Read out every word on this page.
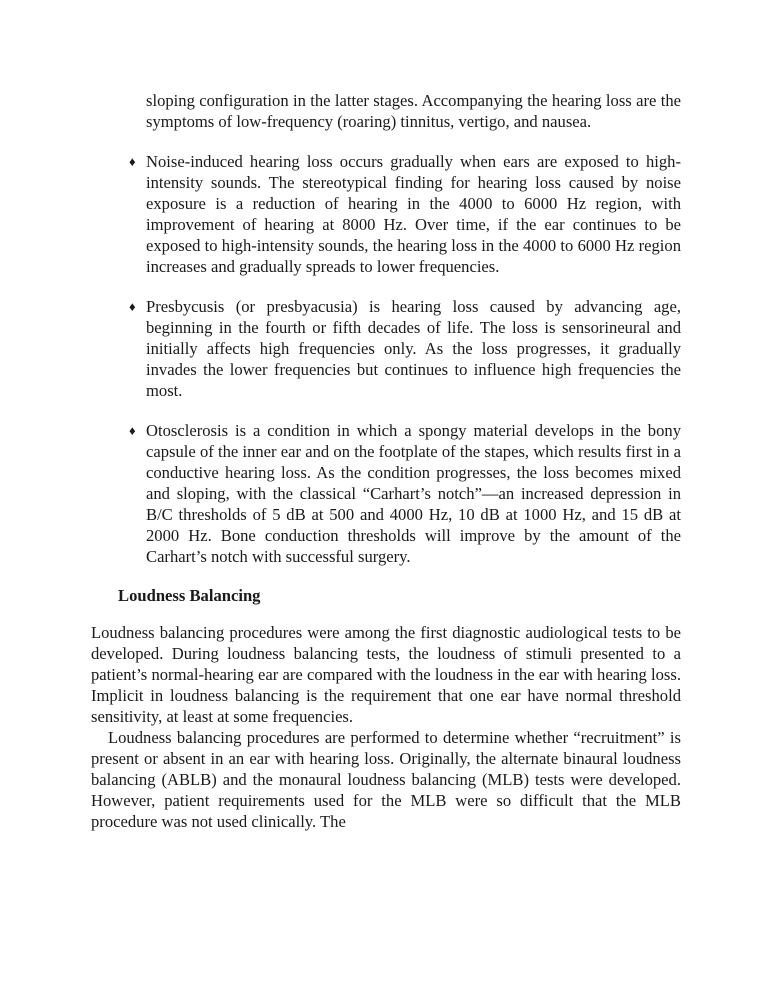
sloping configuration in the latter stages. Accompanying the hearing loss are the symptoms of low-frequency (roaring) tinnitus, vertigo, and nausea.

♦ Noise-induced hearing loss occurs gradually when ears are exposed to high-intensity sounds. The stereotypical finding for hearing loss caused by noise exposure is a reduction of hearing in the 4000 to 6000 Hz region, with improvement of hearing at 8000 Hz. Over time, if the ear continues to be exposed to high-intensity sounds, the hearing loss in the 4000 to 6000 Hz region increases and gradually spreads to lower frequencies.
♦ Presbycusis (or presbyacusia) is hearing loss caused by advancing age, beginning in the fourth or fifth decades of life. The loss is sensorineural and initially affects high frequencies only. As the loss progresses, it gradually invades the lower frequencies but continues to influence high frequencies the most.
♦ Otosclerosis is a condition in which a spongy material develops in the bony capsule of the inner ear and on the footplate of the stapes, which results first in a conductive hearing loss. As the condition progresses, the loss becomes mixed and sloping, with the classical “Carhart’s notch”—an increased depression in B/C thresholds of 5 dB at 500 and 4000 Hz, 10 dB at 1000 Hz, and 15 dB at 2000 Hz. Bone conduction thresholds will improve by the amount of the Carhart’s notch with successful surgery.
Loudness Balancing

Loudness balancing procedures were among the first diagnostic audiological tests to be developed. During loudness balancing tests, the loudness of stimuli presented to a patient’s normal-hearing ear are compared with the loudness in the ear with hearing loss. Implicit in loudness balancing is the requirement that one ear have normal threshold sensitivity, at least at some frequencies.

Loudness balancing procedures are performed to determine whether “recruitment” is present or absent in an ear with hearing loss. Originally, the alternate binaural loudness balancing (ABLB) and the monaural loudness balancing (MLB) tests were developed. However, patient requirements used for the MLB were so difficult that the MLB procedure was not used clinically. The
